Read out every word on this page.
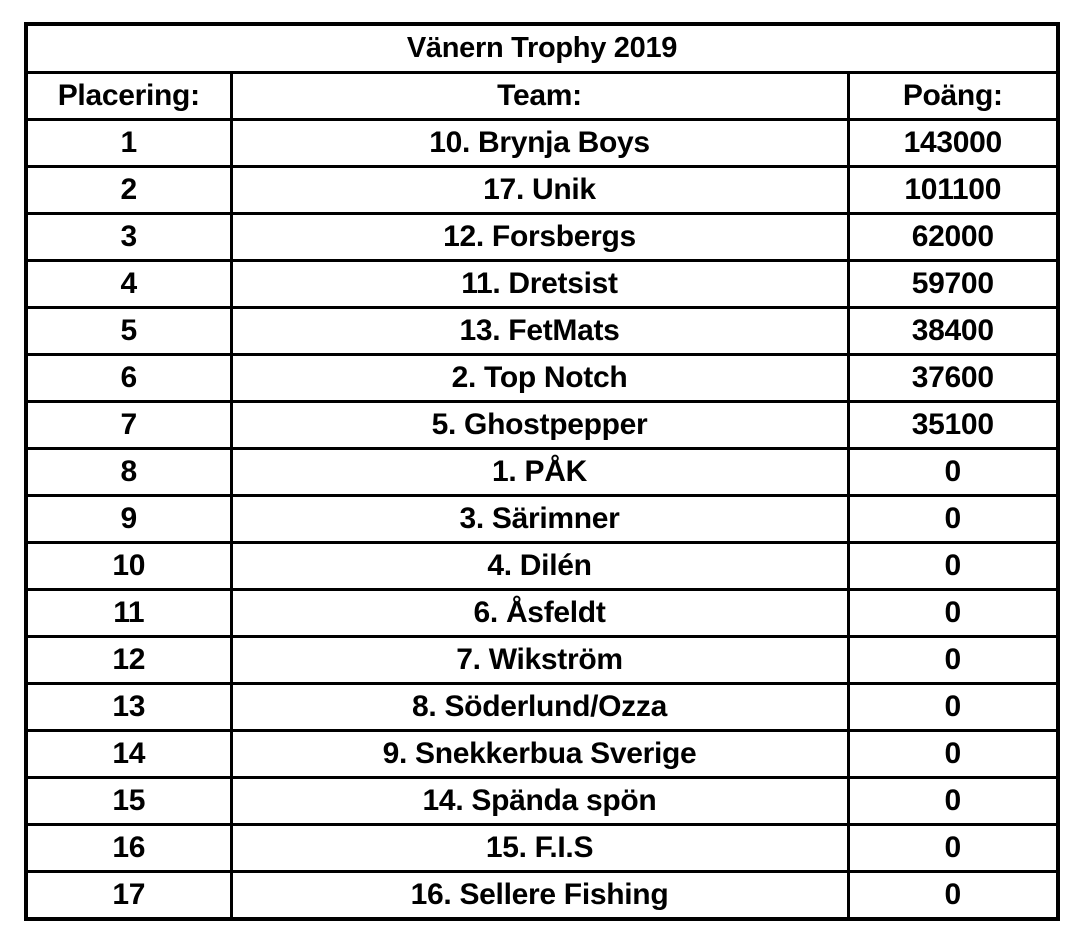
Vänern Trophy 2019		
Placering:	Team:	Poäng:
1	10. Brynja Boys	143000
2	17. Unik	101100
3	12. Forsbergs	62000
4	11. Dretsist	59700
5	13. FetMats	38400
6	2. Top Notch	37600
7	5. Ghostpepper	35100
8	1. PÅK	0
9	3. Särimner	0
10	4. Dilén	0
11	6. Åsfeldt	0
12	7. Wikström	0
13	8. Söderlund/Ozza	0
14	9. Snekkerbua Sverige	0
15	14. Spända spön	0
16	15. F.I.S	0
17	16. Sellere Fishing	0
